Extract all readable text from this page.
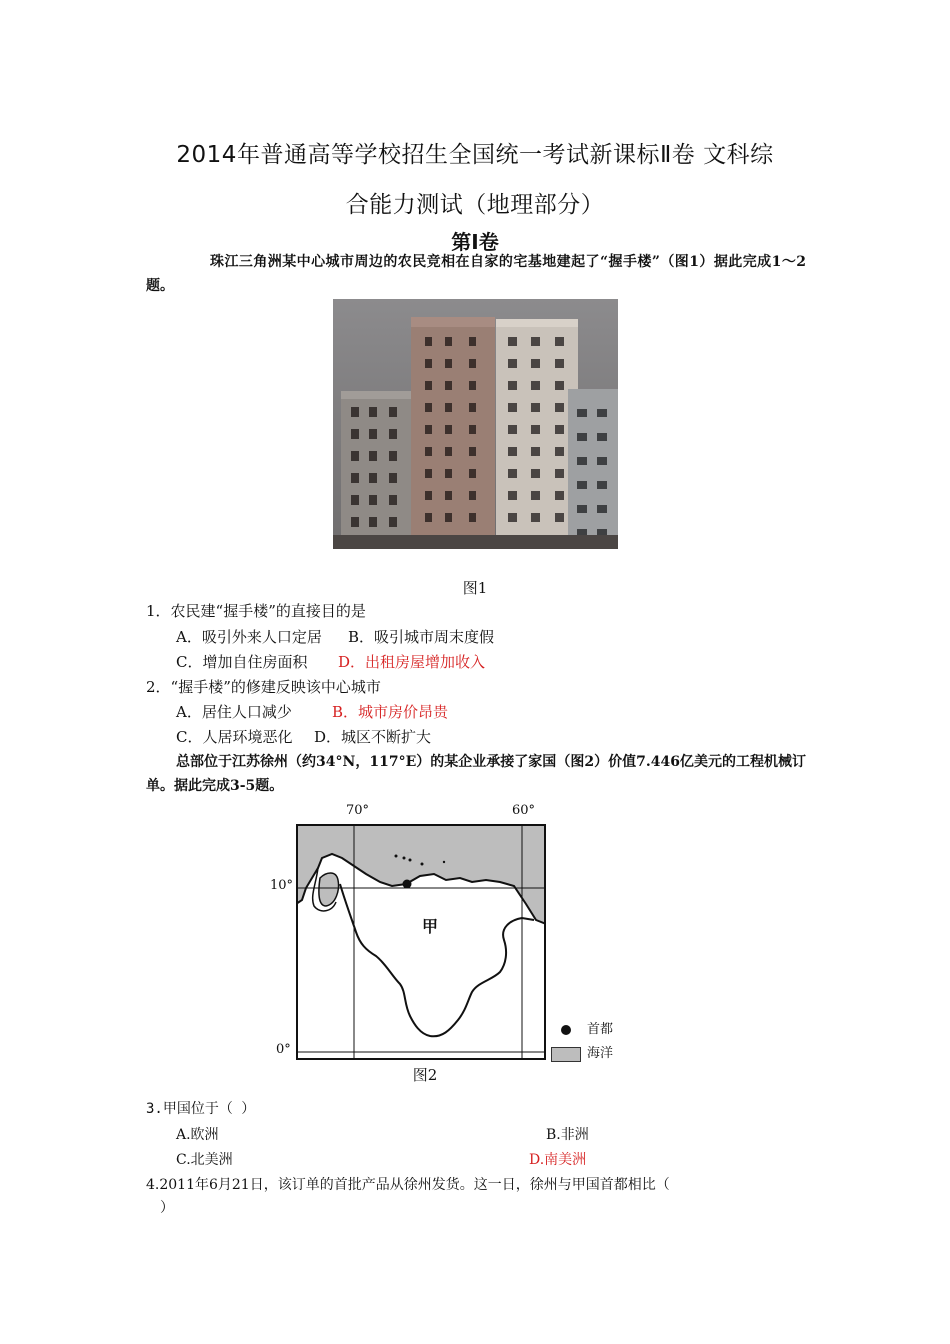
2014年普通高等学校招生全国统一考试新课标Ⅱ卷 文科综
合能力测试（地理部分）
第Ⅰ卷
珠江三角洲某中心城市周边的农民竞相在自家的宅基地建起了“握手楼”（图1）据此完成1～2题。
图1
1．农民建“握手楼”的直接目的是
A．吸引外来人口定居 B．吸引城市周末度假
C．增加自住房面积 D．出租房屋增加收入
2．“握手楼”的修建反映该中心城市
A．居住人口减少	B．城市房价昂贵
C．人居环境恶化 D．城区不断扩大
总部位于江苏徐州（约34°N，117°E）的某企业承接了家国（图2）价值7.446亿美元的工程机械订单。据此完成3-5题。
70°	60°
10°
0°
甲
首都
海洋
图2
3.甲国位于（ ）
A.欧洲	B.非洲
C.北美洲	D.南美洲
4.2011年6月21日，该订单的首批产品从徐州发货。这一日，徐州与甲国首都相比（
）
